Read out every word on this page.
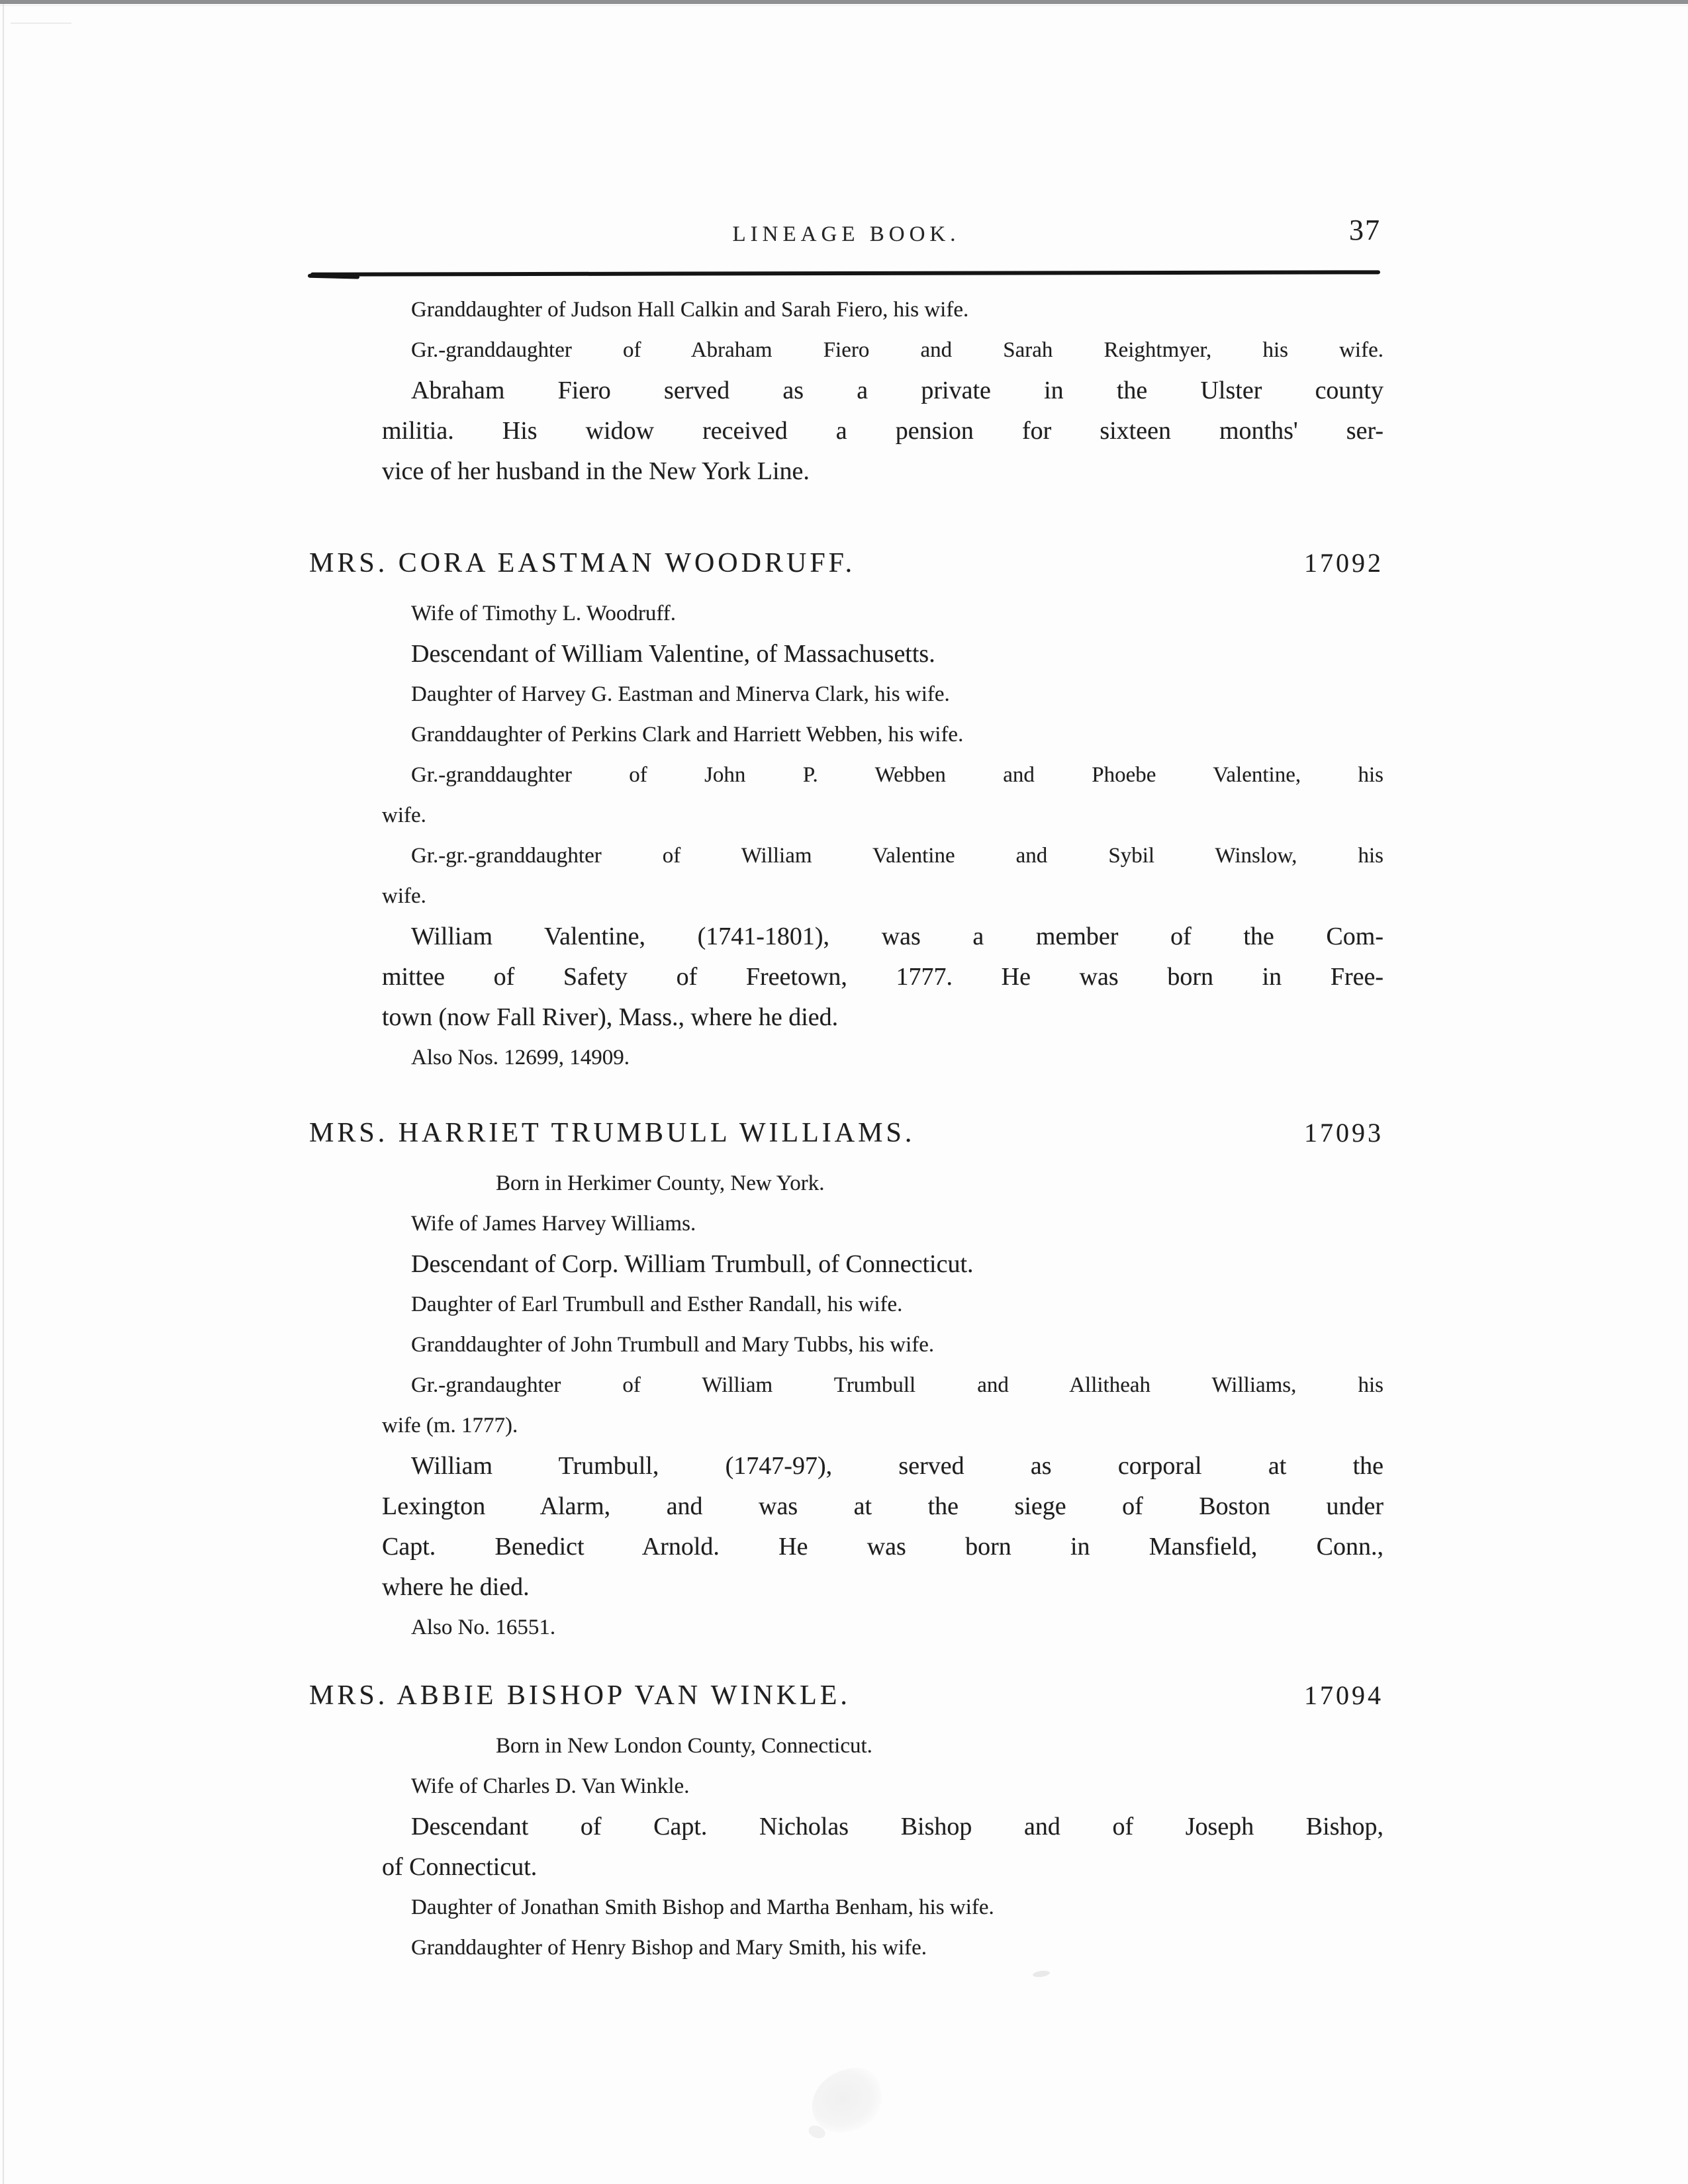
LINEAGE BOOK.	37
Granddaughter of Judson Hall Calkin and Sarah Fiero, his wife.
Gr.-granddaughter of Abraham Fiero and Sarah Reightmyer, his wife.
Abraham Fiero served as a private in the Ulster county
militia. His widow received a pension for sixteen months' ser-
vice of her husband in the New York Line.
MRS. CORA EASTMAN WOODRUFF.	17092
Wife of Timothy L. Woodruff.
Descendant of William Valentine, of Massachusetts.
Daughter of Harvey G. Eastman and Minerva Clark, his wife.
Granddaughter of Perkins Clark and Harriett Webben, his wife.
Gr.-granddaughter of John P. Webben and Phoebe Valentine, his
wife.
Gr.-gr.-granddaughter of William Valentine and Sybil Winslow, his
wife.
William Valentine, (1741-1801), was a member of the Com-
mittee of Safety of Freetown, 1777. He was born in Free-
town (now Fall River), Mass., where he died.
Also Nos. 12699, 14909.
MRS. HARRIET TRUMBULL WILLIAMS.	17093
Born in Herkimer County, New York.
Wife of James Harvey Williams.
Descendant of Corp. William Trumbull, of Connecticut.
Daughter of Earl Trumbull and Esther Randall, his wife.
Granddaughter of John Trumbull and Mary Tubbs, his wife.
Gr.-grandaughter of William Trumbull and Allitheah Williams, his
wife (m. 1777).
William Trumbull, (1747-97), served as corporal at the
Lexington Alarm, and was at the siege of Boston under
Capt. Benedict Arnold. He was born in Mansfield, Conn.,
where he died.
Also No. 16551.
MRS. ABBIE BISHOP VAN WINKLE.	17094
Born in New London County, Connecticut.
Wife of Charles D. Van Winkle.
Descendant of Capt. Nicholas Bishop and of Joseph Bishop,
of Connecticut.
Daughter of Jonathan Smith Bishop and Martha Benham, his wife.
Granddaughter of Henry Bishop and Mary Smith, his wife.
